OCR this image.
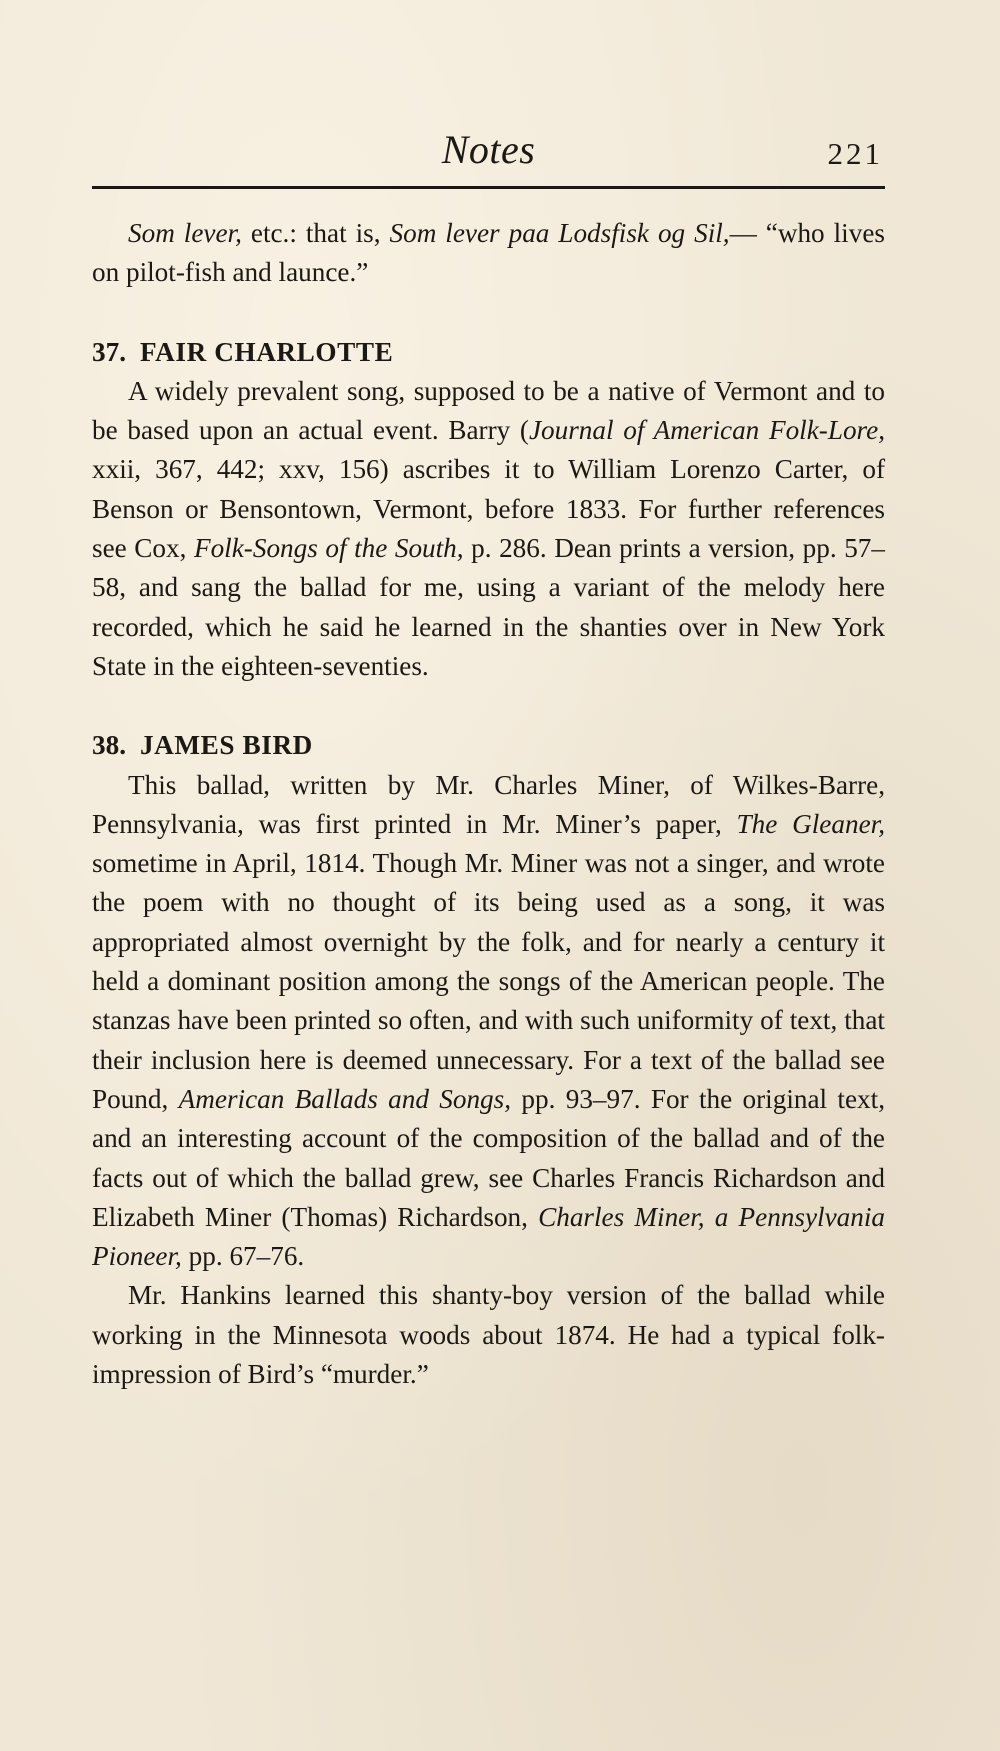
Notes	221

Som lever, etc.: that is, Som lever paa Lodsfisk og Sil,— “who lives on pilot-fish and launce.”

37. FAIR CHARLOTTE

A widely prevalent song, supposed to be a native of Vermont and to be based upon an actual event. Barry (Journal of American Folk-Lore, xxii, 367, 442; xxv, 156) ascribes it to William Lorenzo Carter, of Benson or Bensontown, Vermont, before 1833. For further references see Cox, Folk-Songs of the South, p. 286. Dean prints a version, pp. 57–58, and sang the ballad for me, using a variant of the melody here recorded, which he said he learned in the shanties over in New York State in the eighteen-seventies.

38. JAMES BIRD

This ballad, written by Mr. Charles Miner, of Wilkes-Barre, Pennsylvania, was first printed in Mr. Miner’s paper, The Gleaner, sometime in April, 1814. Though Mr. Miner was not a singer, and wrote the poem with no thought of its being used as a song, it was appropriated almost overnight by the folk, and for nearly a century it held a dominant position among the songs of the American people. The stanzas have been printed so often, and with such uniformity of text, that their inclusion here is deemed unnecessary. For a text of the ballad see Pound, American Ballads and Songs, pp. 93–97. For the original text, and an interesting account of the composition of the ballad and of the facts out of which the ballad grew, see Charles Francis Richardson and Elizabeth Miner (Thomas) Richardson, Charles Miner, a Pennsylvania Pioneer, pp. 67–76.

Mr. Hankins learned this shanty-boy version of the ballad while working in the Minnesota woods about 1874. He had a typical folk-impression of Bird’s “murder.”
